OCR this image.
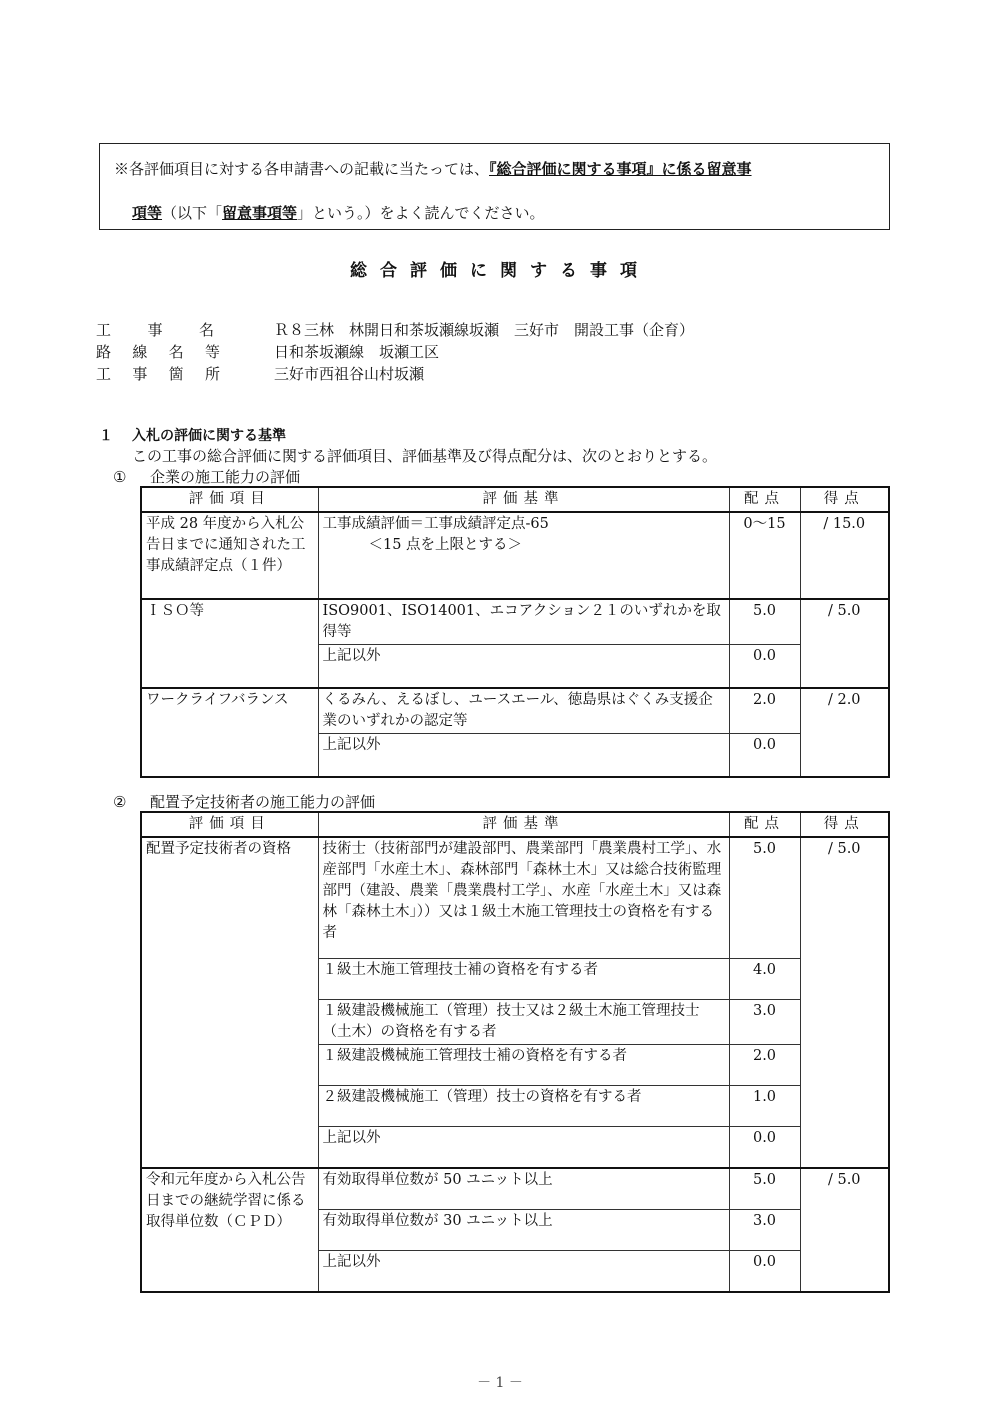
※各評価項目に対する各申請書への記載に当たっては、『総合評価に関する事項』に係る留意事
項等（以下「留意事項等」という。）をよく読んでください。
総合評価に関する事項
工 事 名	Ｒ８三林　林開日和茶坂瀬線坂瀬　三好市　開設工事（企育）
路 線 名 等	日和茶坂瀬線　坂瀬工区
工 事 箇 所	三好市西祖谷山村坂瀬
１ 入札の評価に関する基準
この工事の総合評価に関する評価項目、評価基準及び得点配分は、次のとおりとする。
① 企業の施工能力の評価
評価項目	評価基準	配点	得点
平成 28 年度から入札公告日までに通知された工事成績評定点（１件）	工事成績評価＝工事成績評定点-65
＜15 点を上限とする＞	0〜15	/ 15.0
ＩＳＯ等	ISO9001、ISO14001、エコアクション２１のいずれかを取得等	5.0	/ 5.0

	上記以外	0.0	
ワークライフバランス	くるみん、えるぼし、ユースエール、徳島県はぐくみ支援企業のいずれかの認定等	2.0	/ 2.0

	上記以外	0.0	
② 配置予定技術者の施工能力の評価
評価項目	評価基準	配点	得点
配置予定技術者の資格	技術士（技術部門が建設部門、農業部門「農業農村工学」、水産部門「水産土木」、森林部門「森林土木」又は総合技術監理部門（建設、農業「農業農村工学」、水産「水産土木」又は森林「森林土木」））又は１級土木施工管理技士の資格を有する者	5.0	/ 5.0

	１級土木施工管理技士補の資格を有する者	4.0	

	１級建設機械施工（管理）技士又は２級土木施工管理技士（土木）の資格を有する者	3.0	

	１級建設機械施工管理技士補の資格を有する者	2.0	

	２級建設機械施工（管理）技士の資格を有する者	1.0	

	上記以外	0.0	
令和元年度から入札公告日までの継続学習に係る取得単位数（ＣＰＤ）	有効取得単位数が 50 ユニット以上	5.0	/ 5.0

	有効取得単位数が 30 ユニット以上	3.0	

	上記以外	0.0	
－ 1 －
